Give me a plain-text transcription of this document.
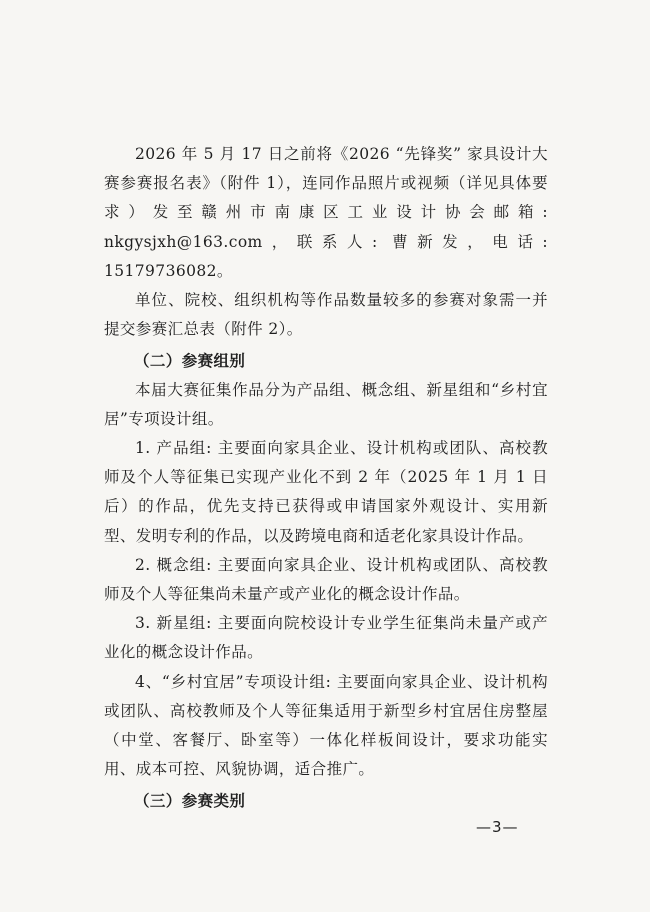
2026 年 5 月 17 日之前将《2026 “先锋奖” 家具设计大赛参赛报名表》（附件 1），连同作品照片或视频（详见具体要求）发至赣州市南康区工业设计协会邮箱: nkgysjxh@163.com，联系人: 曹新发，电话: 15179736082。

单位、院校、组织机构等作品数量较多的参赛对象需一并提交参赛汇总表（附件 2）。

（二）参赛组别

本届大赛征集作品分为产品组、概念组、新星组和“乡村宜居”专项设计组。

1. 产品组: 主要面向家具企业、设计机构或团队、高校教师及个人等征集已实现产业化不到 2 年（2025 年 1 月 1 日后）的作品，优先支持已获得或申请国家外观设计、实用新型、发明专利的作品，以及跨境电商和适老化家具设计作品。

2. 概念组: 主要面向家具企业、设计机构或团队、高校教师及个人等征集尚未量产或产业化的概念设计作品。

3. 新星组: 主要面向院校设计专业学生征集尚未量产或产业化的概念设计作品。

4、“乡村宜居”专项设计组: 主要面向家具企业、设计机构或团队、高校教师及个人等征集适用于新型乡村宜居住房整屋（中堂、客餐厅、卧室等）一体化样板间设计，要求功能实用、成本可控、风貌协调，适合推广。

（三）参赛类别

—3—
